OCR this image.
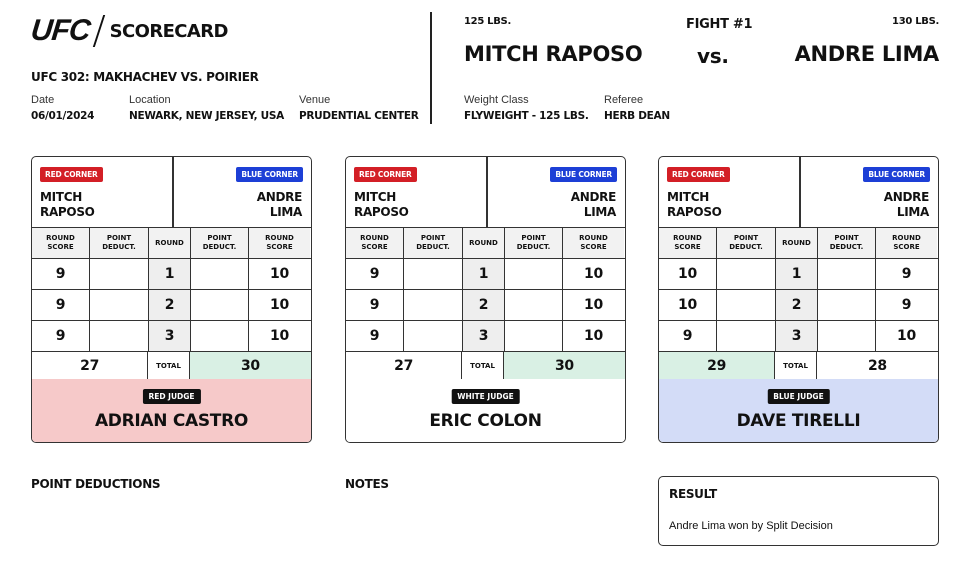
UFC SCORECARD
UFC 302: MAKHACHEV VS. POIRIER
Date
06/01/2024
Location
NEWARK, NEW JERSEY, USA
Venue
PRUDENTIAL CENTER
125 LBS.
MITCH RAPOSO
FIGHT #1
vs.
130 LBS.
ANDRE LIMA
Weight Class
FLYWEIGHT - 125 LBS.
Referee
HERB DEAN
RED CORNER
MITCH
RAPOSO
BLUE CORNER
ANDRE
LIMA
ROUND
SCORE
POINT
DEDUCT.
ROUND
POINT
DEDUCT.
ROUND
SCORE
9	1	10
9	2	10
9	3	10
27	TOTAL	30
RED JUDGE
ADRIAN CASTRO
RED CORNER
MITCH
RAPOSO
BLUE CORNER
ANDRE
LIMA
ROUND
SCORE
POINT
DEDUCT.
ROUND
POINT
DEDUCT.
ROUND
SCORE
9	1	10
9	2	10
9	3	10
27	TOTAL	30
WHITE JUDGE
ERIC COLON
RED CORNER
MITCH
RAPOSO
BLUE CORNER
ANDRE
LIMA
ROUND
SCORE
POINT
DEDUCT.
ROUND
POINT
DEDUCT.
ROUND
SCORE
10	1	9
10	2	9
9	3	10
29	TOTAL	28
BLUE JUDGE
DAVE TIRELLI
POINT DEDUCTIONS	NOTES
RESULT
Andre Lima won by Split Decision
